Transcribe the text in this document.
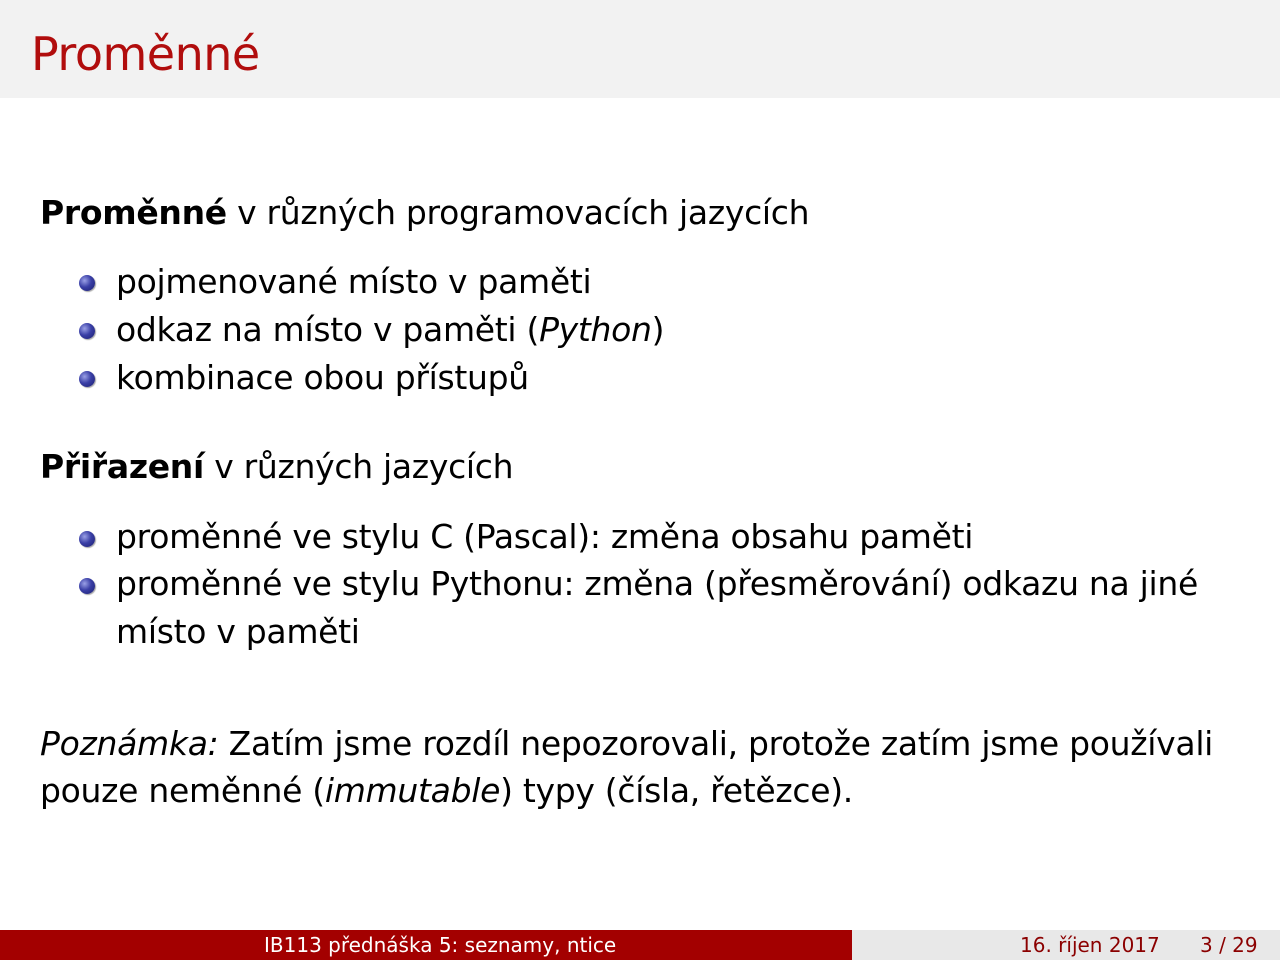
Proměnné
Proměnné v různých programovacích jazycích
pojmenované místo v paměti
odkaz na místo v paměti (Python)
kombinace obou přístupů
Přiřazení v různých jazycích
proměnné ve stylu C (Pascal): změna obsahu paměti
proměnné ve stylu Pythonu: změna (přesměrování) odkazu na jiné
místo v paměti
Poznámka: Zatím jsme rozdíl nepozorovali, protože zatím jsme používali pouze neměnné (immutable) typy (čísla, řetězce).
IB113 přednáška 5: seznamy, ntice	16. říjen 2017 3 / 29
